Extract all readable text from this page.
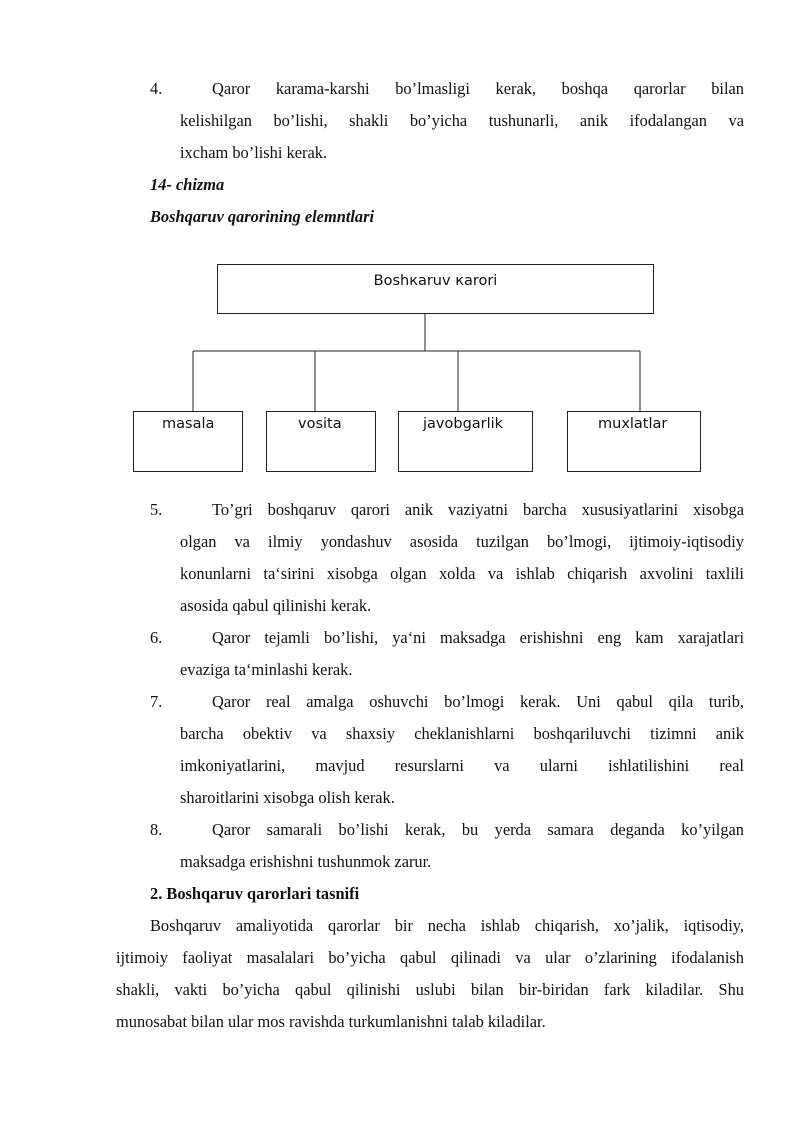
4.	Qaror karama-karshi bo’lmasligi kerak, boshqa qarorlar bilan
kelishilgan bo’lishi, shakli bo’yicha tushunarli, anik ifodalangan va
ixcham bo’lishi kerak.
14- chizma
Boshqaruv qarorining elemntlari
Boshкaruv кarori
masala	vosita	javobgarlik	muxlatlar
5.	To’gri boshqaruv qarori anik vaziyatni barcha xususiyatlarini xisobga
olgan va ilmiy yondashuv asosida tuzilgan bo’lmogi, ijtimoiy-iqtisodiy
konunlarni ta‘sirini xisobga olgan xolda va ishlab chiqarish axvolini taxlili
asosida qabul qilinishi kerak.
6.	Qaror tejamli bo’lishi, ya‘ni maksadga erishishni eng kam xarajatlari
evaziga ta‘minlashi kerak.
7.	Qaror real amalga oshuvchi bo’lmogi kerak. Uni qabul qila turib,
barcha obektiv va shaxsiy cheklanishlarni boshqariluvchi tizimni anik
imkoniyatlarini, mavjud resurslarni va ularni ishlatilishini real
sharoitlarini xisobga olish kerak.
8.	Qaror samarali bo’lishi kerak, bu yerda samara deganda ko’yilgan
maksadga erishishni tushunmok zarur.
2. Boshqaruv qarorlari tasnifi
Boshqaruv amaliyotida qarorlar bir necha ishlab chiqarish, xo’jalik, iqtisodiy,
ijtimoiy faoliyat masalalari bo’yicha qabul qilinadi va ular o’zlarining ifodalanish
shakli, vakti bo’yicha qabul qilinishi uslubi bilan bir-biridan fark kiladilar. Shu
munosabat bilan ular mos ravishda turkumlanishni talab kiladilar.
